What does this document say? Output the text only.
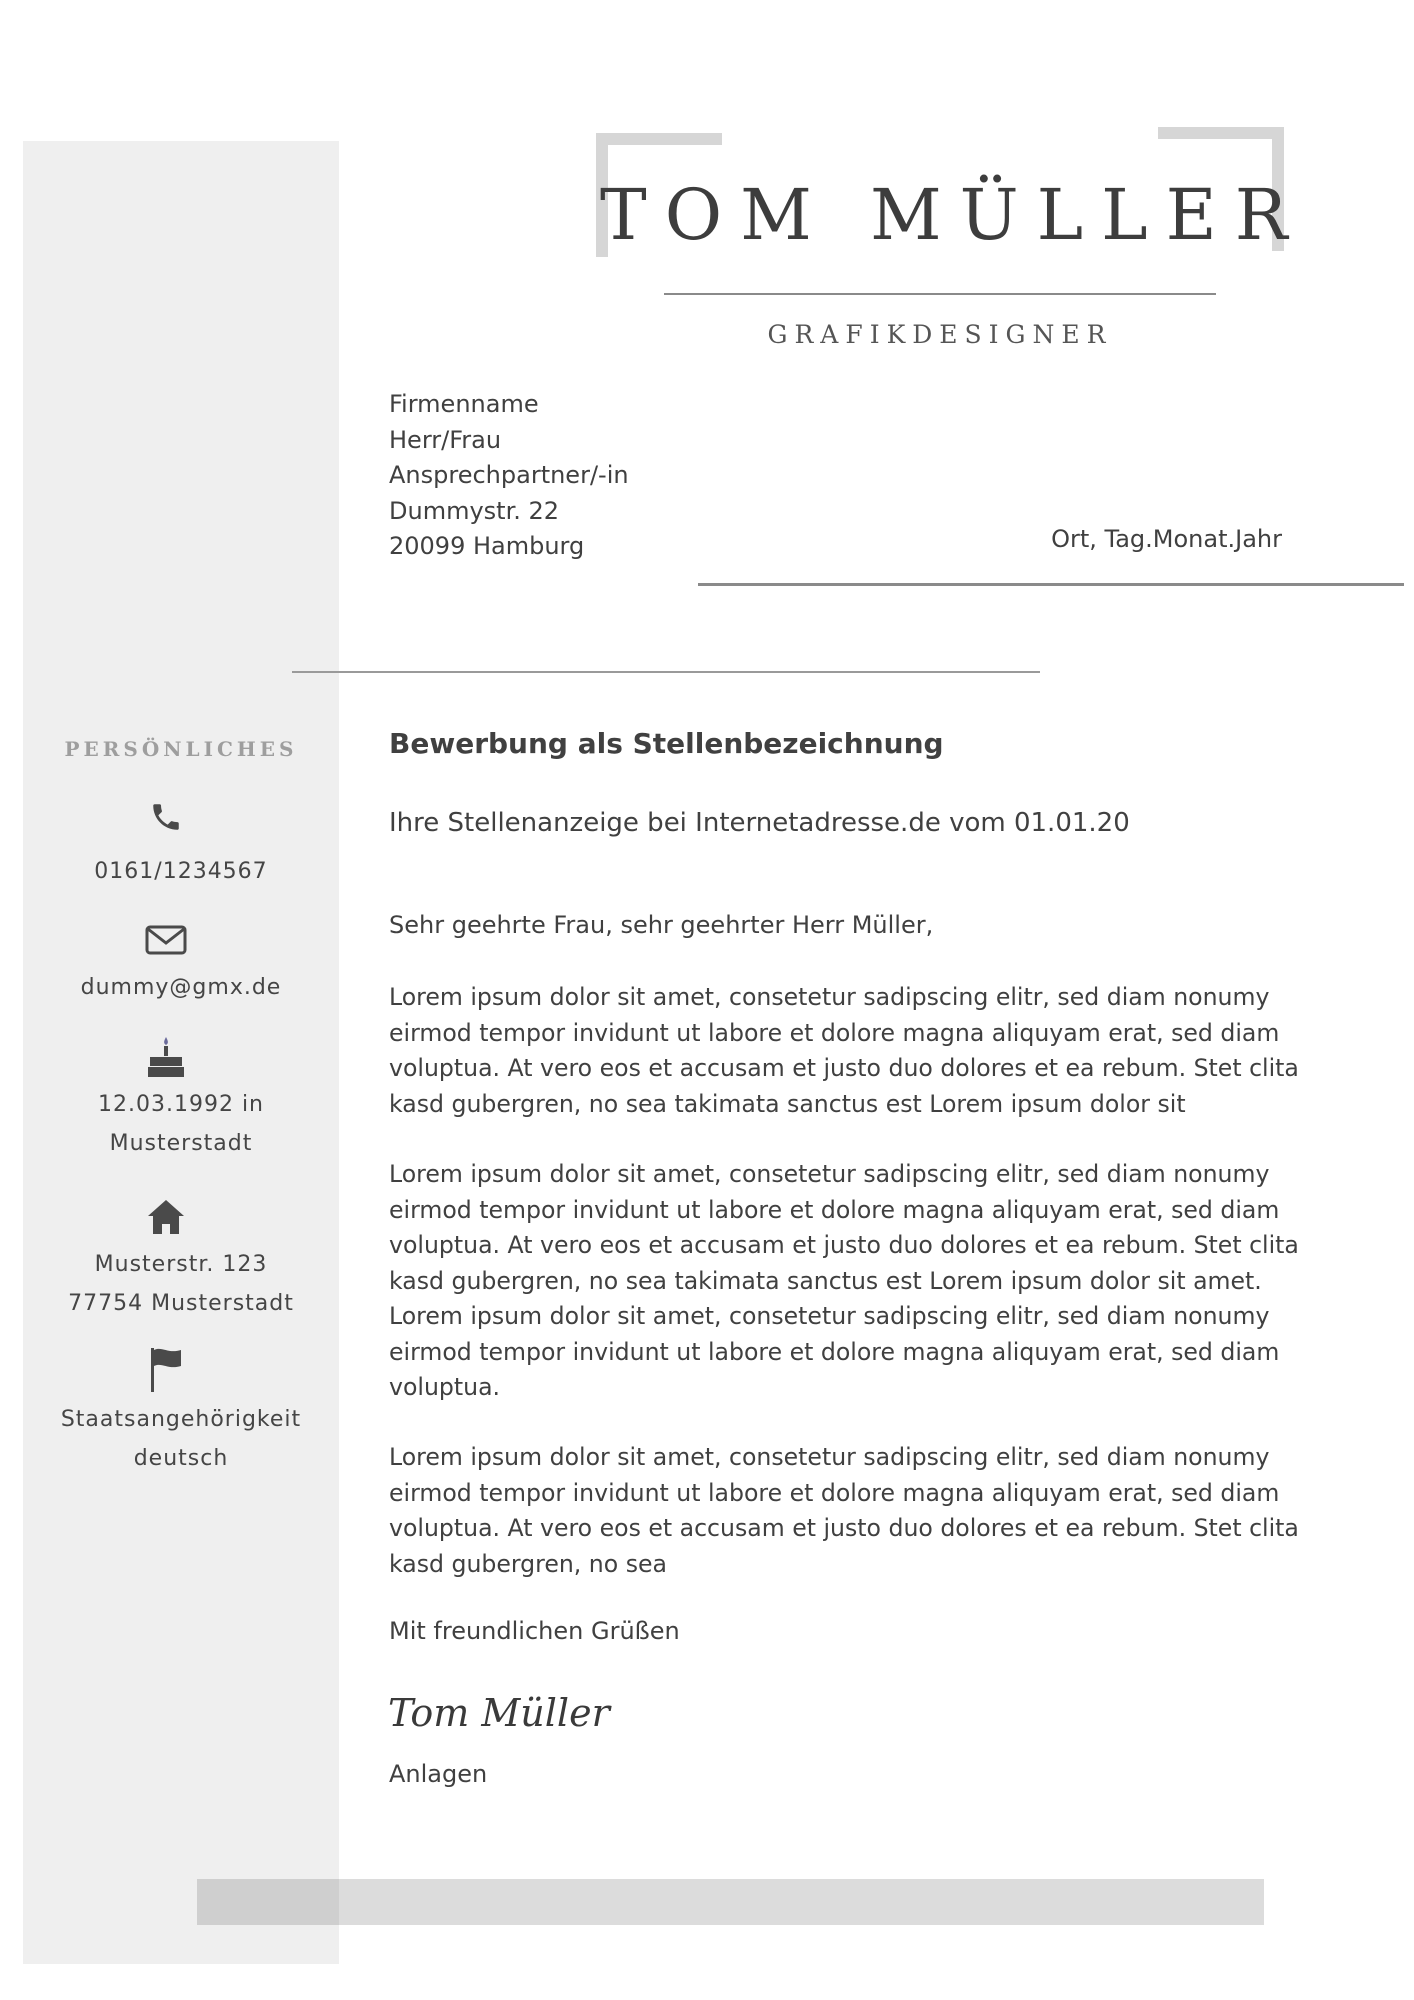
TOM MÜLLER
GRAFIKDESIGNER
Firmenname
Herr/Frau
Ansprechpartner/-in
Dummystr. 22
20099 Hamburg	Ort, Tag.Monat.Jahr
PERSÖNLICHES
0161/1234567
dummy@gmx.de
12.03.1992 in
Musterstadt
Musterstr. 123
77754 Musterstadt
Staatsangehörigkeit
deutsch
Bewerbung als Stellenbezeichnung
Ihre Stellenanzeige bei Internetadresse.de vom 01.01.20
Sehr geehrte Frau, sehr geehrter Herr Müller,
Lorem ipsum dolor sit amet, consetetur sadipscing elitr, sed diam nonumy
eirmod tempor invidunt ut labore et dolore magna aliquyam erat, sed diam
voluptua. At vero eos et accusam et justo duo dolores et ea rebum. Stet clita
kasd gubergren, no sea takimata sanctus est Lorem ipsum dolor sit
Lorem ipsum dolor sit amet, consetetur sadipscing elitr, sed diam nonumy
eirmod tempor invidunt ut labore et dolore magna aliquyam erat, sed diam
voluptua. At vero eos et accusam et justo duo dolores et ea rebum. Stet clita
kasd gubergren, no sea takimata sanctus est Lorem ipsum dolor sit amet.
Lorem ipsum dolor sit amet, consetetur sadipscing elitr, sed diam nonumy
eirmod tempor invidunt ut labore et dolore magna aliquyam erat, sed diam
voluptua.
Lorem ipsum dolor sit amet, consetetur sadipscing elitr, sed diam nonumy
eirmod tempor invidunt ut labore et dolore magna aliquyam erat, sed diam
voluptua. At vero eos et accusam et justo duo dolores et ea rebum. Stet clita
kasd gubergren, no sea
Mit freundlichen Grüßen
Tom Müller
Anlagen
